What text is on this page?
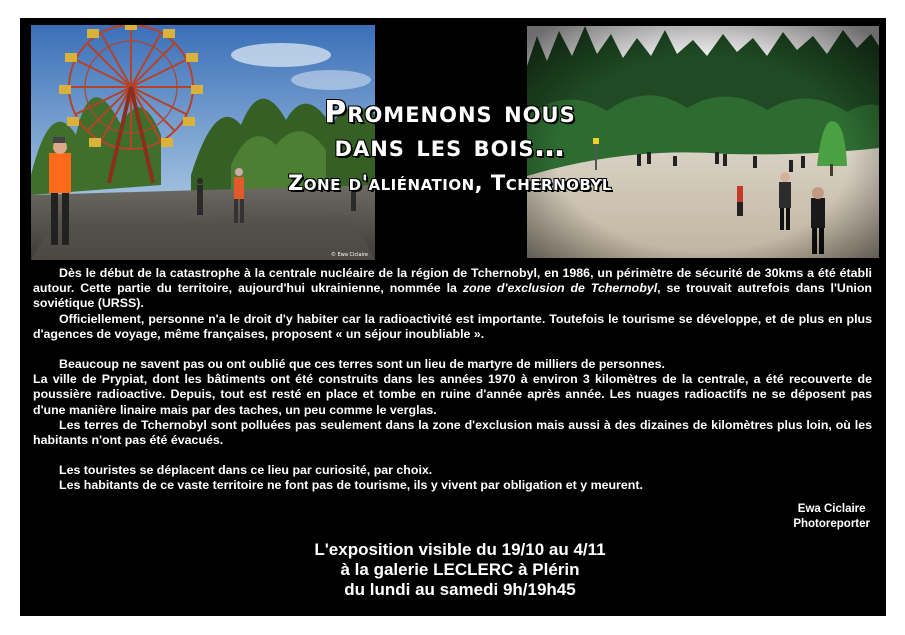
© Ewa Ciclaire
Promenons nous
dans les bois…
Zone d'aliénation, Tchernobyl

Dès le début de la catastrophe à la centrale nucléaire de la région de Tchernobyl, en 1986, un périmètre de sécurité de 30kms a été établi autour. Cette partie du territoire, aujourd'hui ukrainienne, nommée la zone d'exclusion de Tchernobyl, se trouvait autrefois dans l'Union soviétique (URSS).

Officiellement, personne n'a le droit d'y habiter car la radioactivité est importante. Toutefois le tourisme se développe, et de plus en plus d'agences de voyage, même françaises, proposent « un séjour inoubliable ».

Beaucoup ne savent pas ou ont oublié que ces terres sont un lieu de martyre de milliers de personnes.

La ville de Prypiat, dont les bâtiments ont été construits dans les années 1970 à environ 3 kilomètres de la centrale, a été recouverte de poussière radioactive. Depuis, tout est resté en place et tombe en ruine d'année après année. Les nuages radioactifs ne se déposent pas d'une manière linaire mais par des taches, un peu comme le verglas.

Les terres de Tchernobyl sont polluées pas seulement dans la zone d'exclusion mais aussi à des dizaines de kilomètres plus loin, où les habitants n'ont pas été évacués.

Les touristes se déplacent dans ce lieu par curiosité, par choix.

Les habitants de ce vaste territoire ne font pas de tourisme, ils y vivent par obligation et y meurent.

Ewa Ciclaire
Photoreporter
L'exposition visible du 19/10 au 4/11
à la galerie LECLERC à Plérin
du lundi au samedi 9h/19h45
